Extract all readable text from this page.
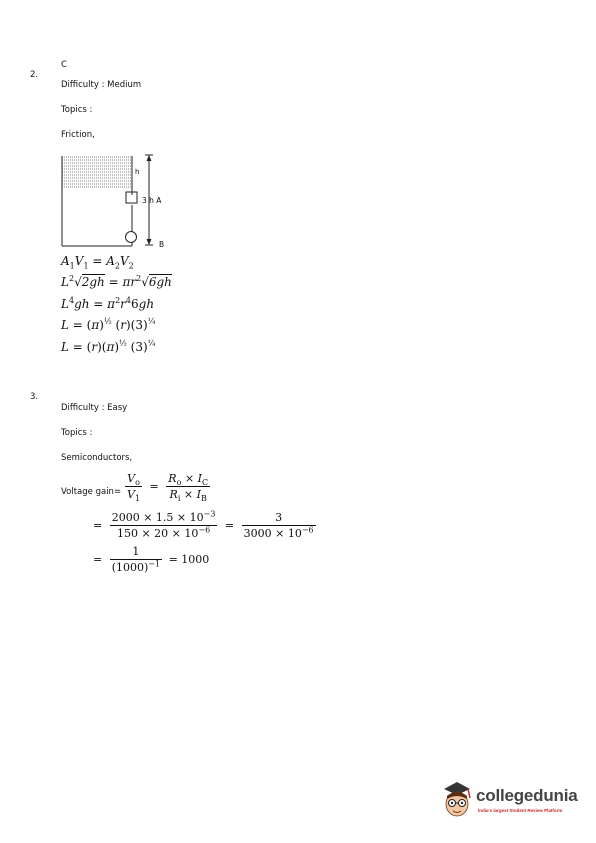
2.
C
Difficulty : Medium
Topics :
Friction,
h
3 h A
B
$A_1V_1 = A_2V_2$
$L^2√2gh = \pi r^2√6gh$
$L^4gh = \pi^2r^46gh$
$L = (\pi)^{\frac{1}{2}}$ $(r)(3)^{\frac{1}{4}}$
$L = (r)(\pi)^{\frac{1}{2}}$ $(3)^{\frac{1}{4}}$
3.
Difficulty : Easy
Topics :
Semiconductors,
Voltage gain= $\frac{V_o}{V_1} = \frac{R_o \times I_C}{R_i \times I_B}$
= $\frac{2000 \times 1.5 \times 10^{-3}}{150 \times 20 \times 10^{-6}} = \frac{3}{3000 \times 10^{-6}}$
= $\frac{1}{(1000)^{-1}} = 1000$
collegedunia
India's largest Student Review Platform
